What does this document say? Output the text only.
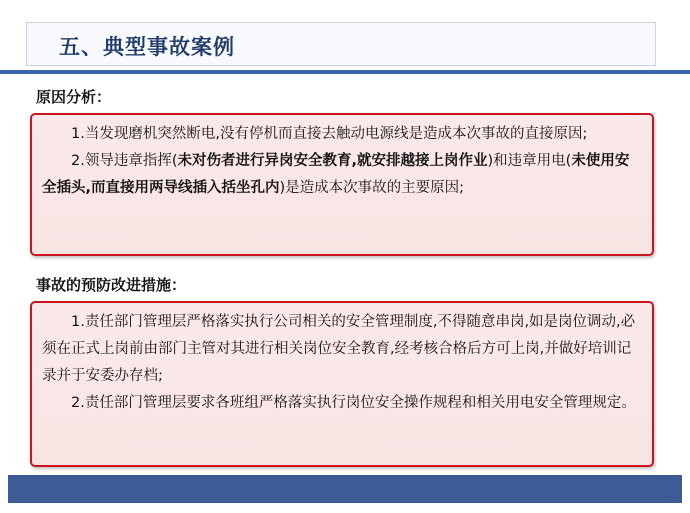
五、典型事故案例
原因分析：

1.当发现磨机突然断电,没有停机而直接去触动电源线是造成本次事故的直接原因;

2.领导违章指挥(未对伤者进行异岗安全教育,就安排越接上岗作业)和违章用电(未使用安全插头,而直接用两导线插入括坐孔内)是造成本次事故的主要原因;

事故的预防改进措施：

1.责任部门管理层严格落实执行公司相关的安全管理制度,不得随意串岗,如是岗位调动,必须在正式上岗前由部门主管对其进行相关岗位安全教育,经考核合格后方可上岗,并做好培训记录并于安委办存档;

2.责任部门管理层要求各班组严格落实执行岗位安全操作规程和相关用电安全管理规定。
